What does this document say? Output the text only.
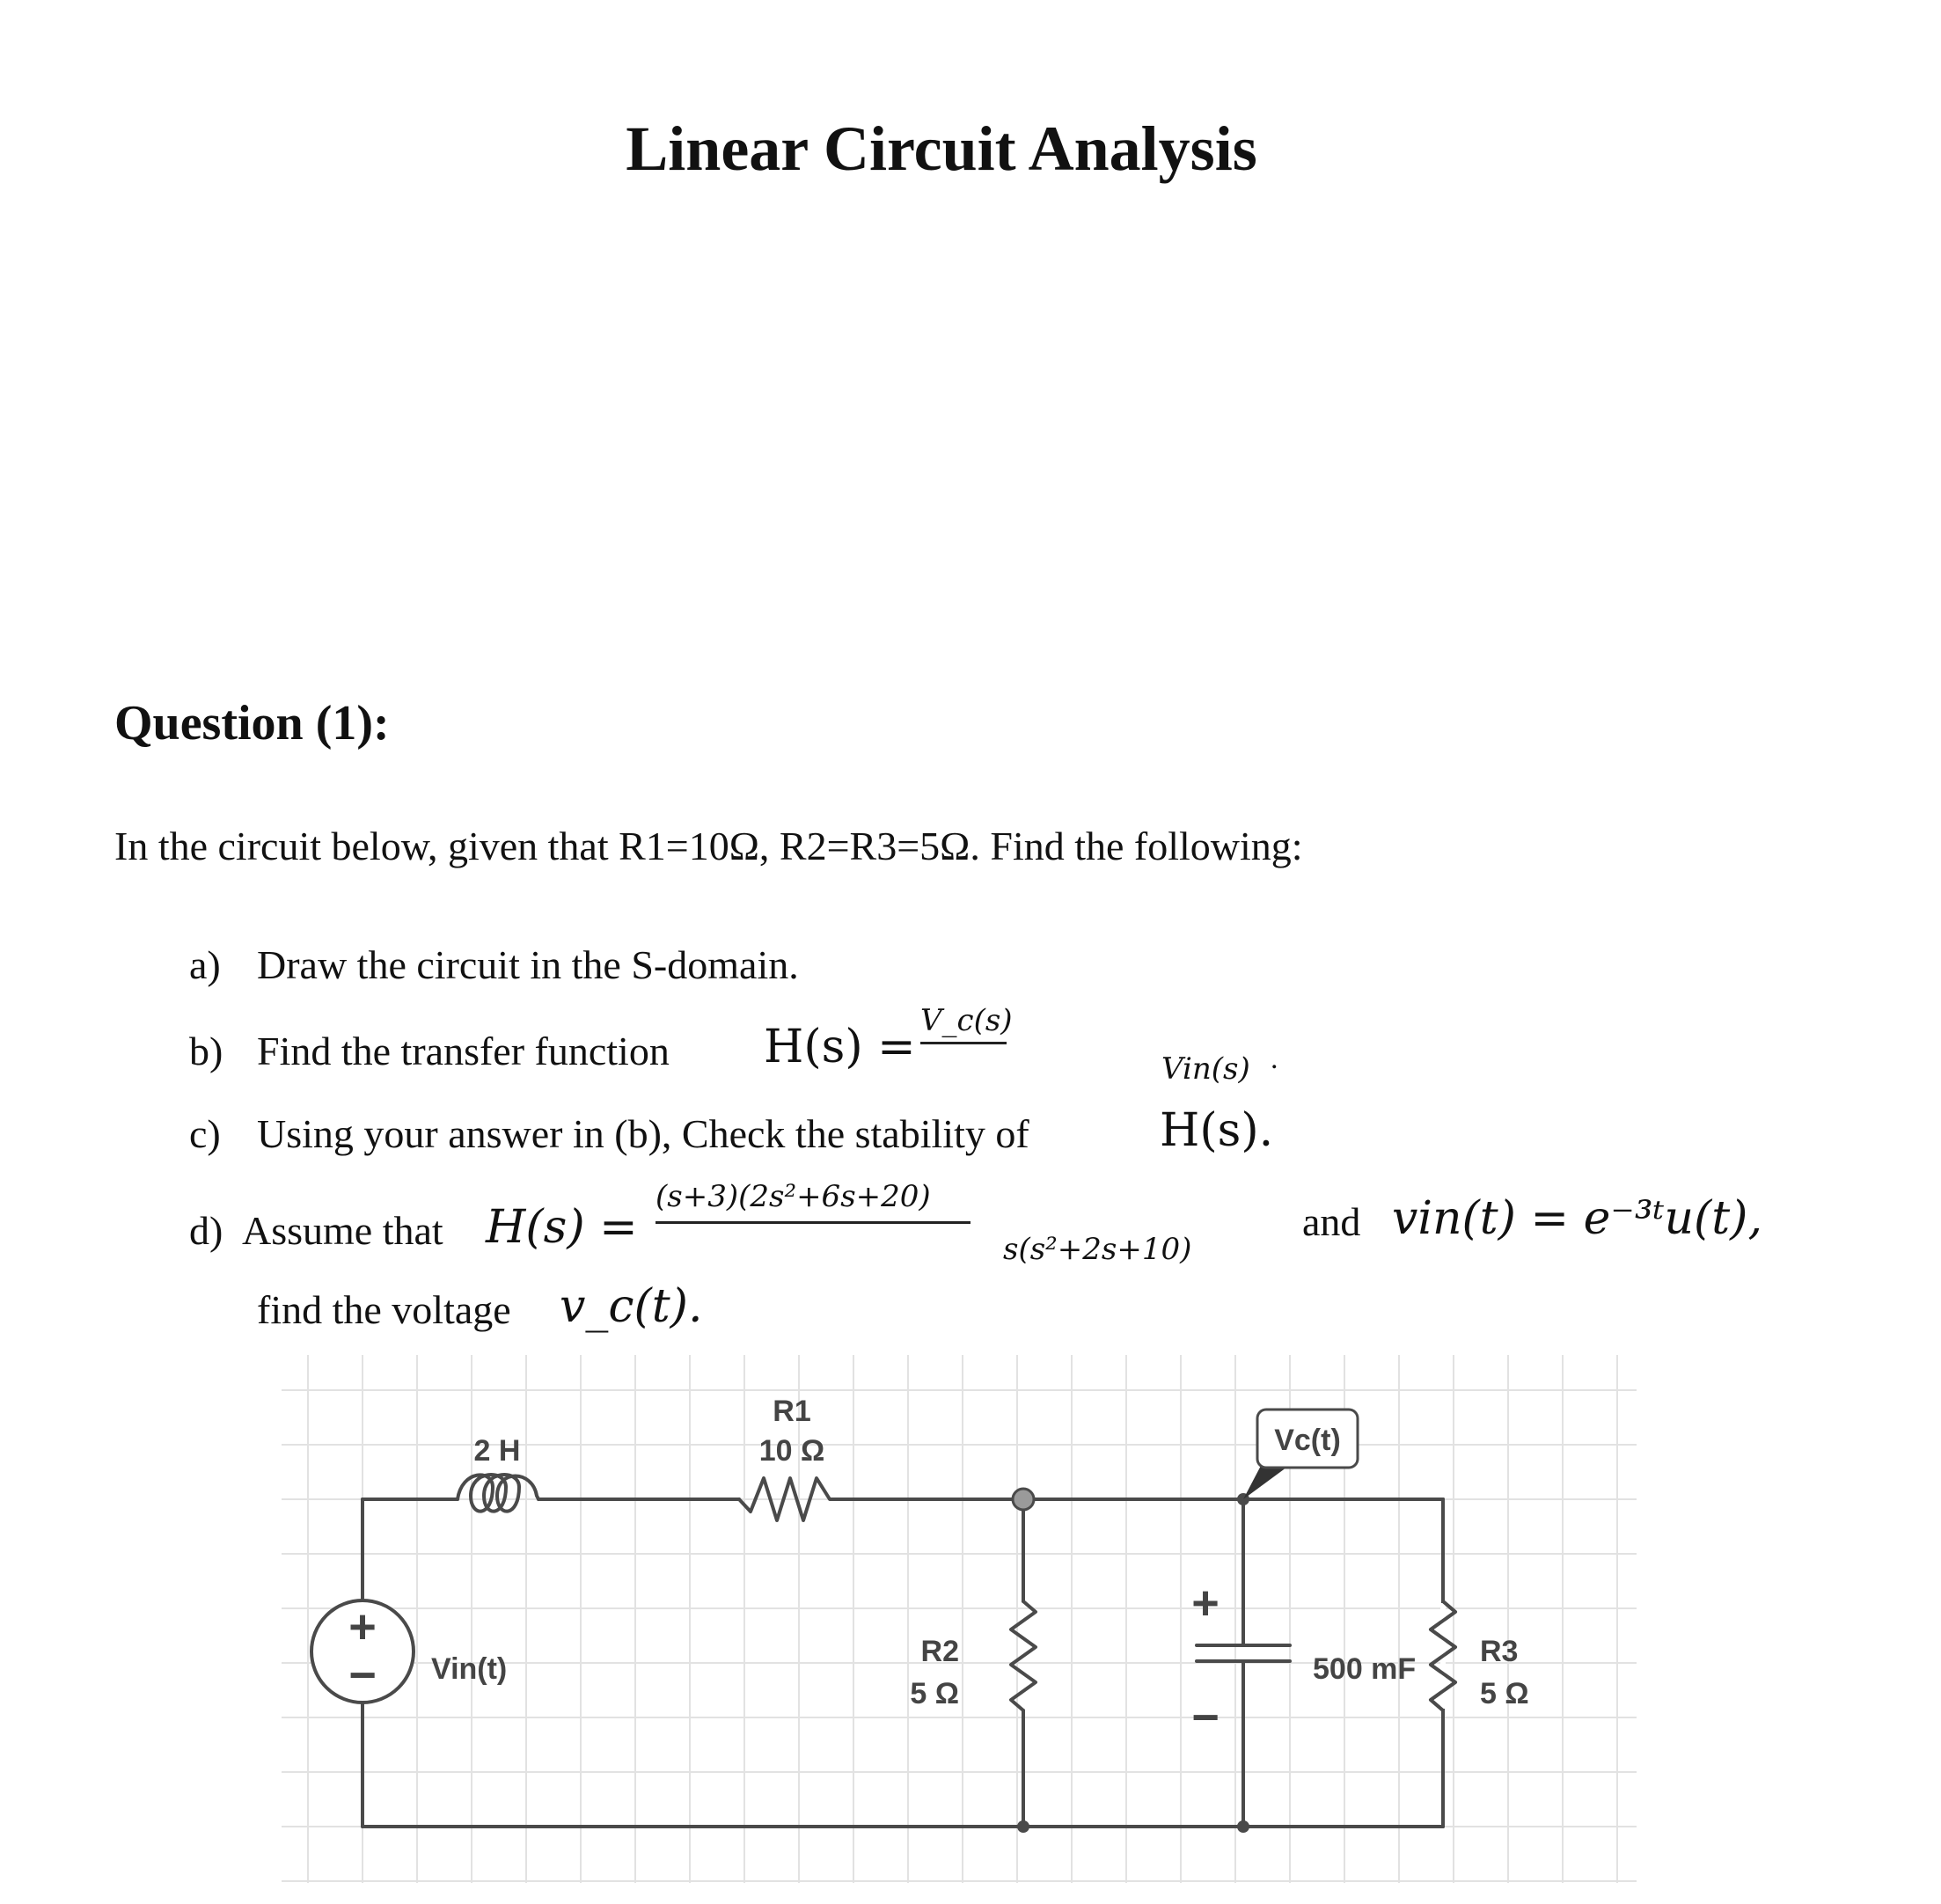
Linear Circuit Analysis
Question (1):
In the circuit below, given that R1=10Ω, R2=R3=5Ω. Find the following:
a) Draw the circuit in the S-domain.
b) Find the transfer function H(s) = V_c(s)
Vin(s) .
c) Using your answer in (b), Check the stability of	H(s).
d) Assume that H(s) =
(s+3)(2s²+6s+20)
s(s²+2s+10)
and vin(t) = e⁻³ᵗu(t),
find the voltage v_c(t).
+
−
+
−
2 H
R1
10 Ω
R2
5 Ω
R3
5 Ω
500 mF
Vin(t)
Vc(t)
